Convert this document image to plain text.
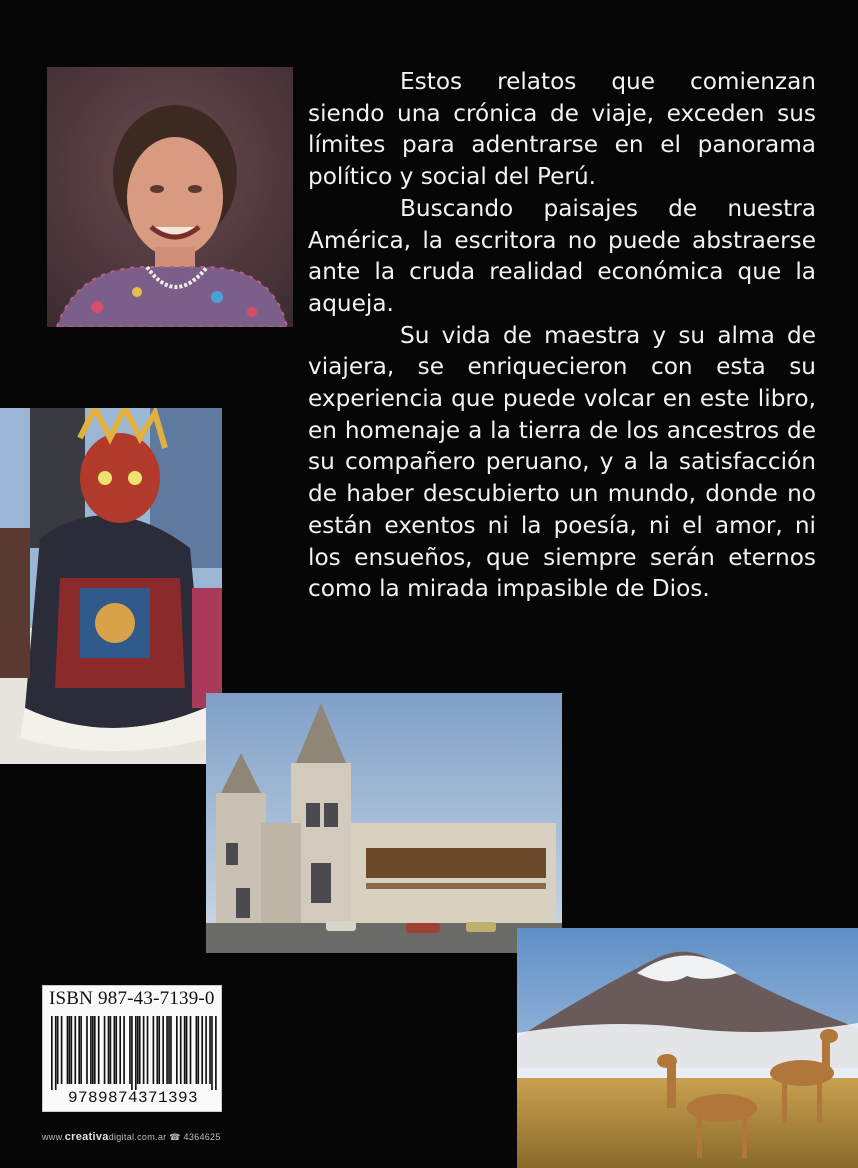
Estos relatos que comienzan siendo una crónica de viaje, exceden sus límites para adentrarse en el panorama político y social del Perú.

Buscando paisajes de nuestra América, la escritora no puede abstraerse ante la cruda realidad económica que la aqueja.

Su vida de maestra y su alma de viajera, se enriquecieron con esta su experiencia que puede volcar en este libro, en homenaje a la tierra de los ancestros de su compañero peruano, y a la satisfacción de haber descubierto un mundo, donde no están exentos ni la poesía, ni el amor, ni los ensueños, que siempre serán eternos como la mirada impasible de Dios.

ISBN 987-43-7139-0
9789874371393
www.creativadigital.com.ar ☎ 4364625
